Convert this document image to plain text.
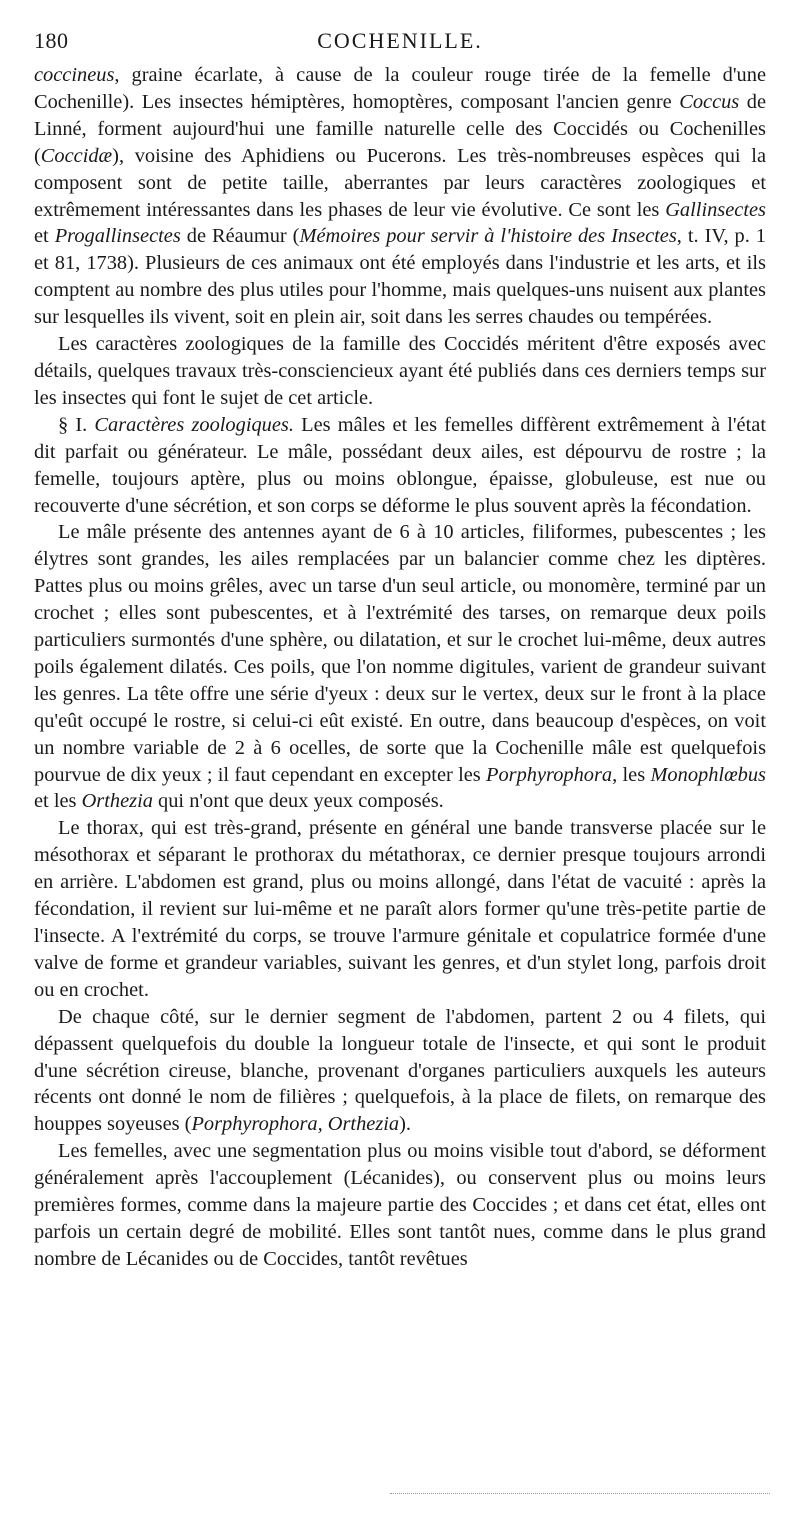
180	COCHENILLE.

coccineus, graine écarlate, à cause de la couleur rouge tirée de la femelle d'une Cochenille). Les insectes hémiptères, homoptères, composant l'ancien genre Coccus de Linné, forment aujourd'hui une famille naturelle celle des Coccidés ou Cochenilles (Coccidæ), voisine des Aphidiens ou Pucerons. Les très-nombreuses espèces qui la composent sont de petite taille, aberrantes par leurs caractères zoologiques et extrêmement intéressantes dans les phases de leur vie évolutive. Ce sont les Gallinsectes et Progallinsectes de Réaumur (Mémoires pour servir à l'histoire des Insectes, t. IV, p. 1 et 81, 1738). Plusieurs de ces animaux ont été employés dans l'industrie et les arts, et ils comptent au nombre des plus utiles pour l'homme, mais quelques-uns nuisent aux plantes sur lesquelles ils vivent, soit en plein air, soit dans les serres chaudes ou tempérées.

Les caractères zoologiques de la famille des Coccidés méritent d'être exposés avec détails, quelques travaux très-consciencieux ayant été publiés dans ces derniers temps sur les insectes qui font le sujet de cet article.

§ I. Caractères zoologiques. Les mâles et les femelles diffèrent extrêmement à l'état dit parfait ou générateur. Le mâle, possédant deux ailes, est dépourvu de rostre ; la femelle, toujours aptère, plus ou moins oblongue, épaisse, globuleuse, est nue ou recouverte d'une sécrétion, et son corps se déforme le plus souvent après la fécondation.

Le mâle présente des antennes ayant de 6 à 10 articles, filiformes, pubescentes ; les élytres sont grandes, les ailes remplacées par un balancier comme chez les diptères. Pattes plus ou moins grêles, avec un tarse d'un seul article, ou monomère, terminé par un crochet ; elles sont pubescentes, et à l'extrémité des tarses, on remarque deux poils particuliers surmontés d'une sphère, ou dilatation, et sur le crochet lui-même, deux autres poils également dilatés. Ces poils, que l'on nomme digitules, varient de grandeur suivant les genres. La tête offre une série d'yeux : deux sur le vertex, deux sur le front à la place qu'eût occupé le rostre, si celui-ci eût existé. En outre, dans beaucoup d'espèces, on voit un nombre variable de 2 à 6 ocelles, de sorte que la Cochenille mâle est quelquefois pourvue de dix yeux ; il faut cependant en excepter les Porphyrophora, les Monophlœbus et les Orthezia qui n'ont que deux yeux composés.

Le thorax, qui est très-grand, présente en général une bande transverse placée sur le mésothorax et séparant le prothorax du métathorax, ce dernier presque toujours arrondi en arrière. L'abdomen est grand, plus ou moins allongé, dans l'état de vacuité : après la fécondation, il revient sur lui-même et ne paraît alors former qu'une très-petite partie de l'insecte. A l'extrémité du corps, se trouve l'armure génitale et copulatrice formée d'une valve de forme et grandeur variables, suivant les genres, et d'un stylet long, parfois droit ou en crochet.

De chaque côté, sur le dernier segment de l'abdomen, partent 2 ou 4 filets, qui dépassent quelquefois du double la longueur totale de l'insecte, et qui sont le produit d'une sécrétion cireuse, blanche, provenant d'organes particuliers auxquels les auteurs récents ont donné le nom de filières ; quelquefois, à la place de filets, on remarque des houppes soyeuses (Porphyrophora, Orthezia).

Les femelles, avec une segmentation plus ou moins visible tout d'abord, se déforment généralement après l'accouplement (Lécanides), ou conservent plus ou moins leurs premières formes, comme dans la majeure partie des Coccides ; et dans cet état, elles ont parfois un certain degré de mobilité. Elles sont tantôt nues, comme dans le plus grand nombre de Lécanides ou de Coccides, tantôt revêtues
